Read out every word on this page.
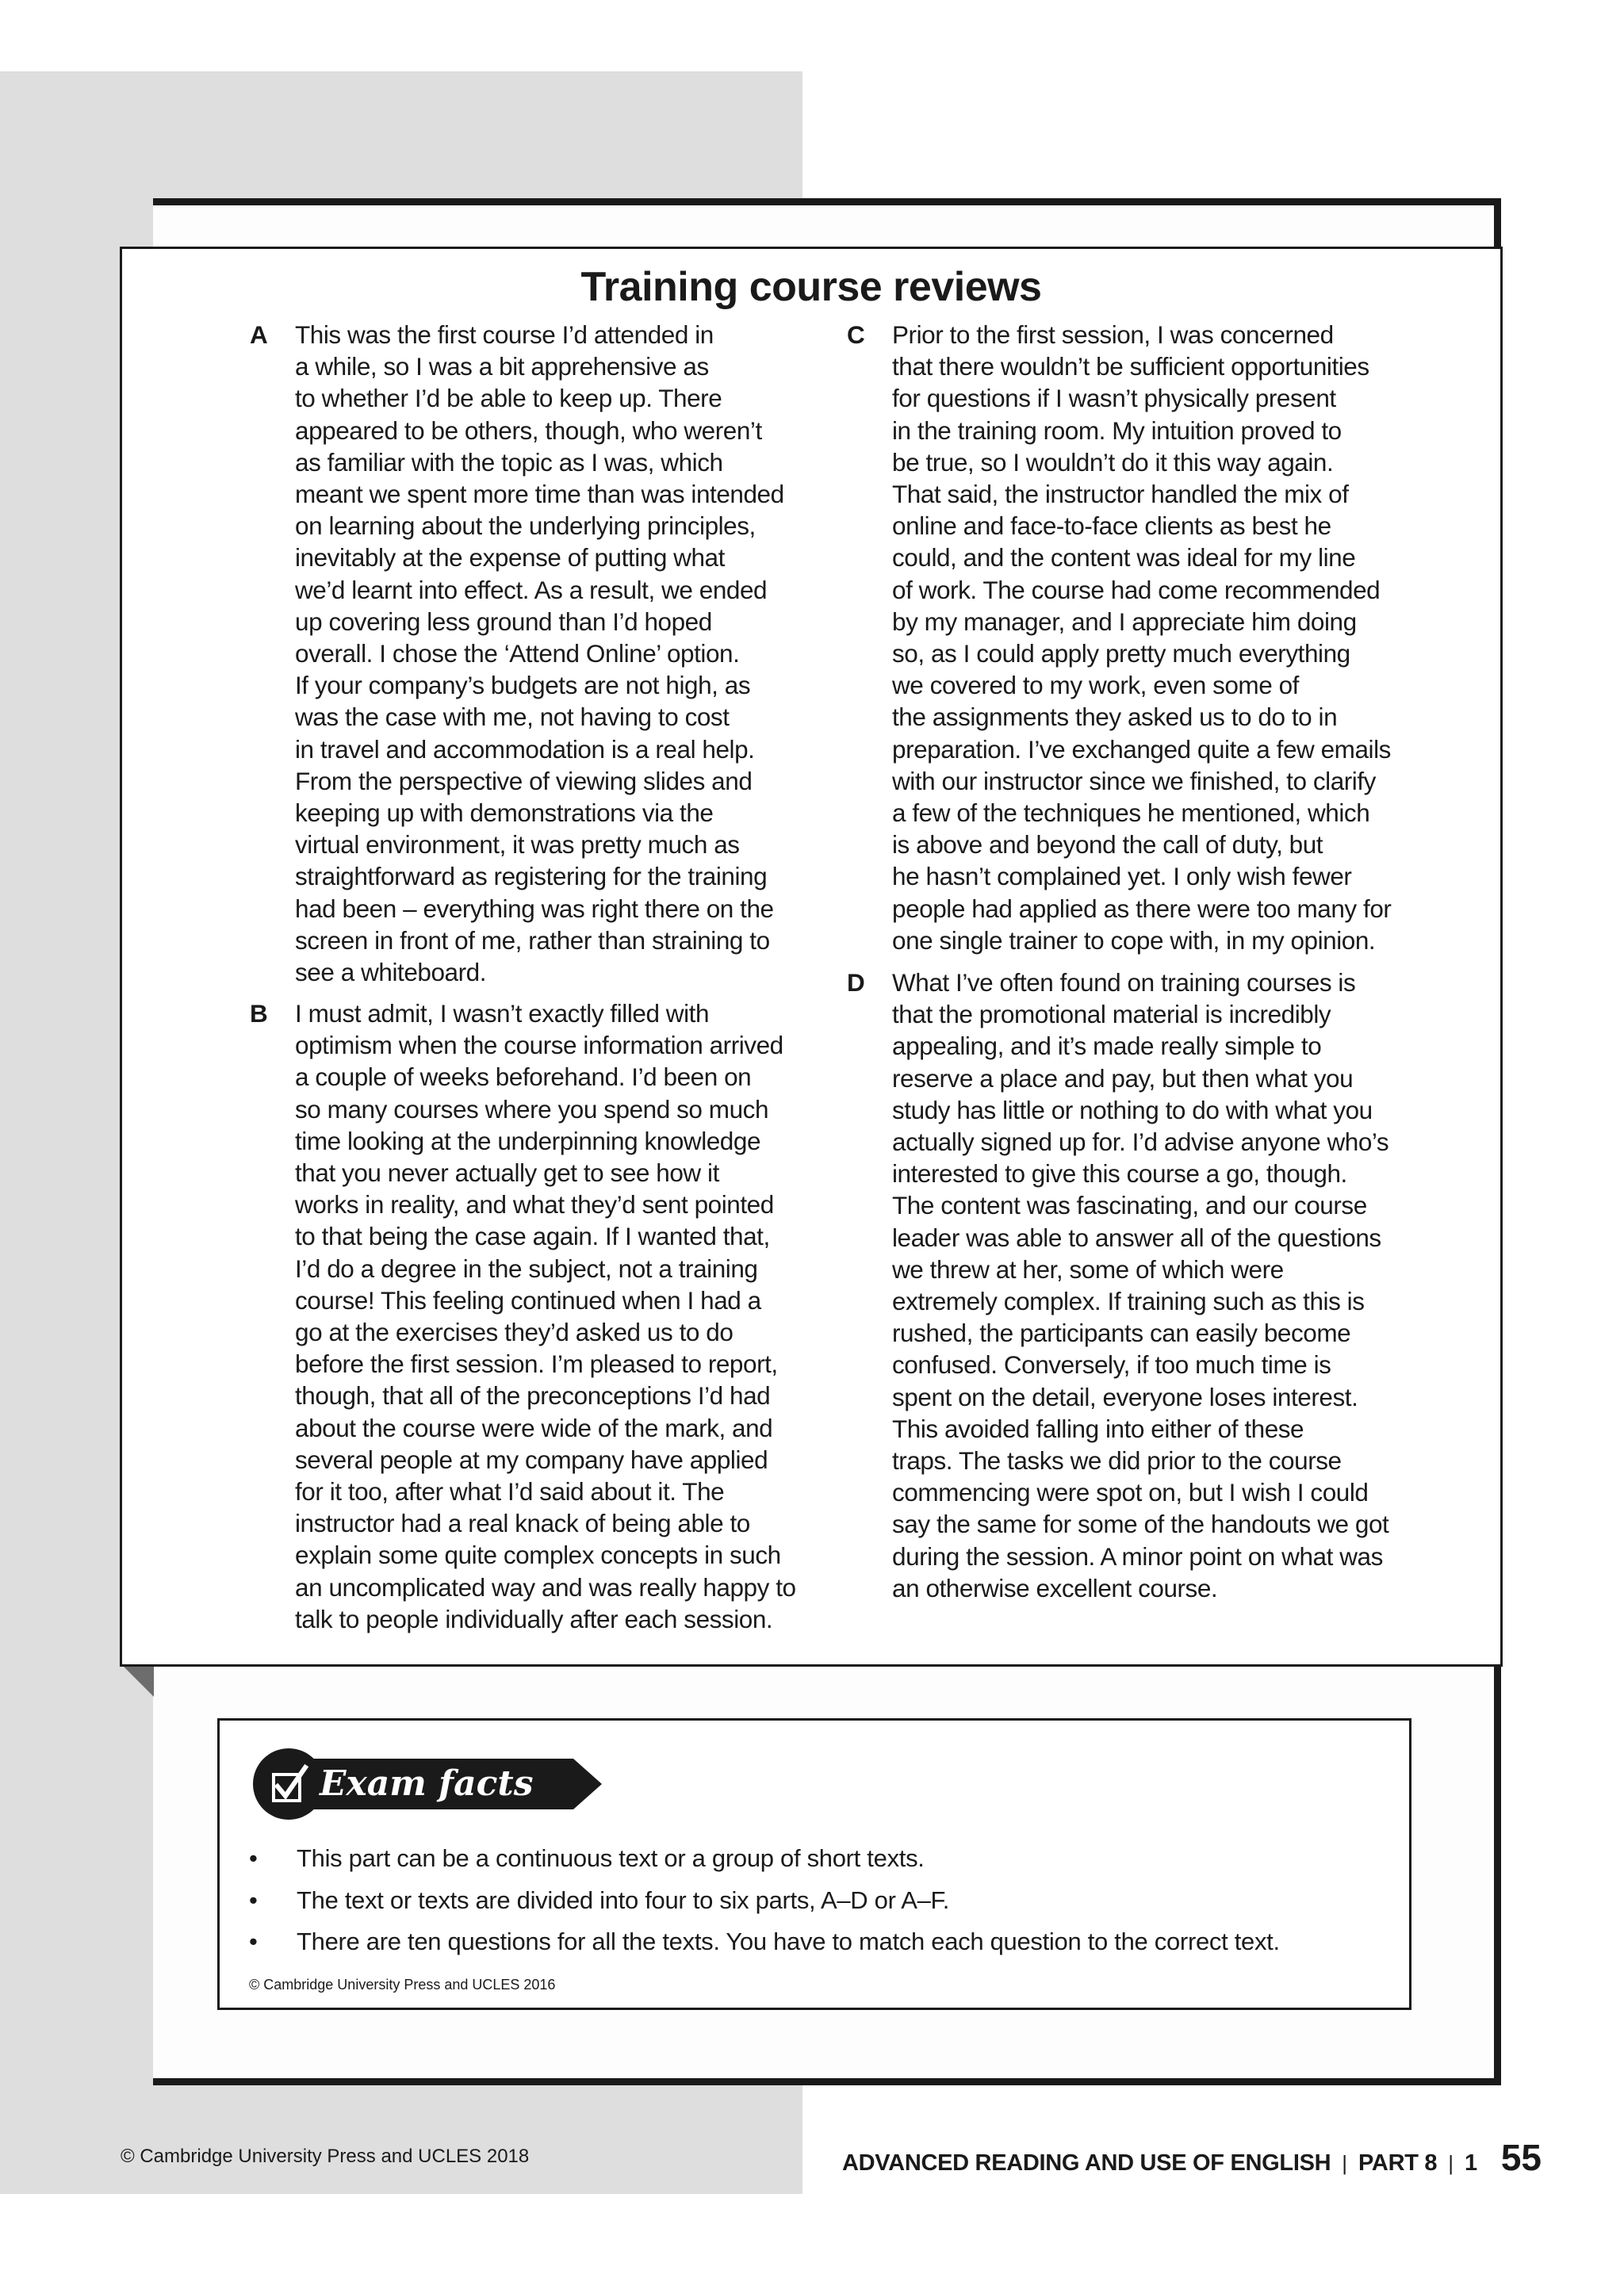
Training course reviews
A This was the first course I’d attended in
a while, so I was a bit apprehensive as
to whether I’d be able to keep up. There
appeared to be others, though, who weren’t
as familiar with the topic as I was, which
meant we spent more time than was intended
on learning about the underlying principles,
inevitably at the expense of putting what
we’d learnt into effect. As a result, we ended
up covering less ground than I’d hoped
overall. I chose the ‘Attend Online’ option.
If your company’s budgets are not high, as
was the case with me, not having to cost
in travel and accommodation is a real help.
From the perspective of viewing slides and
keeping up with demonstrations via the
virtual environment, it was pretty much as
straightforward as registering for the training
had been – everything was right there on the
screen in front of me, rather than straining to
see a whiteboard.
B I must admit, I wasn’t exactly filled with
optimism when the course information arrived
a couple of weeks beforehand. I’d been on
so many courses where you spend so much
time looking at the underpinning knowledge
that you never actually get to see how it
works in reality, and what they’d sent pointed
to that being the case again. If I wanted that,
I’d do a degree in the subject, not a training
course! This feeling continued when I had a
go at the exercises they’d asked us to do
before the first session. I’m pleased to report,
though, that all of the preconceptions I’d had
about the course were wide of the mark, and
several people at my company have applied
for it too, after what I’d said about it. The
instructor had a real knack of being able to
explain some quite complex concepts in such
an uncomplicated way and was really happy to
talk to people individually after each session.
C Prior to the first session, I was concerned
that there wouldn’t be sufficient opportunities
for questions if I wasn’t physically present
in the training room. My intuition proved to
be true, so I wouldn’t do it this way again.
That said, the instructor handled the mix of
online and face-to-face clients as best he
could, and the content was ideal for my line
of work. The course had come recommended
by my manager, and I appreciate him doing
so, as I could apply pretty much everything
we covered to my work, even some of
the assignments they asked us to do to in
preparation. I’ve exchanged quite a few emails
with our instructor since we finished, to clarify
a few of the techniques he mentioned, which
is above and beyond the call of duty, but
he hasn’t complained yet. I only wish fewer
people had applied as there were too many for
one single trainer to cope with, in my opinion.
D What I’ve often found on training courses is
that the promotional material is incredibly
appealing, and it’s made really simple to
reserve a place and pay, but then what you
study has little or nothing to do with what you
actually signed up for. I’d advise anyone who’s
interested to give this course a go, though.
The content was fascinating, and our course
leader was able to answer all of the questions
we threw at her, some of which were
extremely complex. If training such as this is
rushed, the participants can easily become
confused. Conversely, if too much time is
spent on the detail, everyone loses interest.
This avoided falling into either of these
traps. The tasks we did prior to the course
commencing were spot on, but I wish I could
say the same for some of the handouts we got
during the session. A minor point on what was
an otherwise excellent course.
Exam facts
• This part can be a continuous text or a group of short texts.
• The text or texts are divided into four to six parts, A–D or A–F.
• There are ten questions for all the texts. You have to match each question to the correct text.
© Cambridge University Press and UCLES 2016
© Cambridge University Press and UCLES 2018	ADVANCED READING AND USE OF ENGLISH | PART 8 | 1 55
